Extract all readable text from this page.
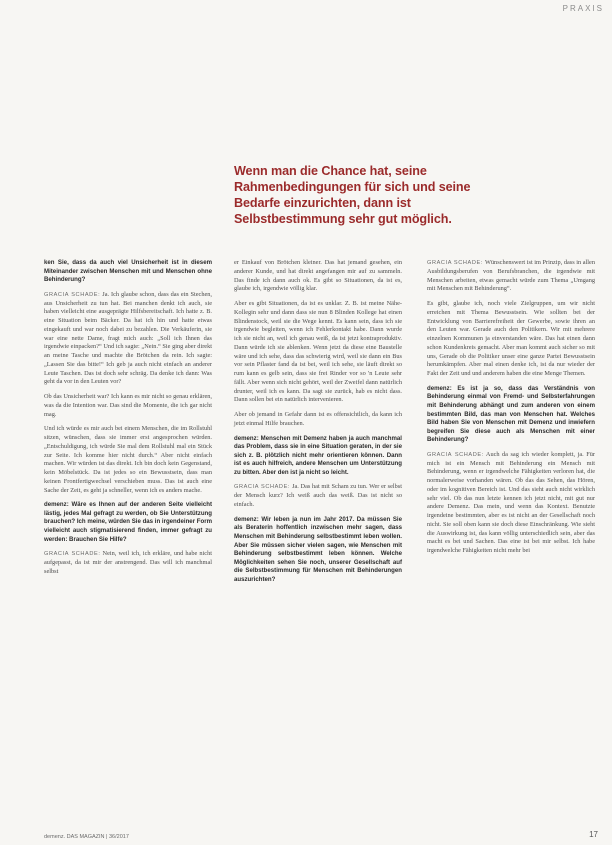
PRAXIS
Wenn man die Chance hat, seine
Rahmenbedingungen für sich und seine
Bedarfe einzurichten, dann ist
Selbstbestimmung sehr gut möglich.

ken Sie, dass da auch viel Unsicherheit ist in diesem Miteinander zwischen Menschen mit und Menschen ohne Behinderung?

GRACIA SCHADE: Ja. Ich glaube schon, dass das ein Stechen, aus Unsicherheit zu tun hat. Bei manchen denkt ich auch, sie haben vielleicht eine ausgeprägte Hilfsbereitschaft. Ich hatte z. B. eine Situation beim Bäcker. Da hat ich hin und hatte etwas eingekauft und war noch dabei zu bezahlen. Die Verkäuferin, sie war eine nette Dame, fragt mich auch: „Soll ich Ihnen das irgendwie einpacken?“ Und ich sagte: „Nein.“ Sie ging aber direkt an meine Tasche und machte die Brötchen da rein. Ich sagte: „Lassen Sie das bitte!“ Ich geb ja auch nicht einfach an anderer Leute Taschen. Das ist doch sehr schräg. Da denke ich dann: Was geht da vor in den Leuten vor?

Ob das Unsicherheit war? Ich kann es mir nicht so genau erklären, was da die Intention war. Das sind die Momente, die ich gar nicht mag.

Und ich würde es mir auch bei einem Menschen, die im Rollstuhl sitzen, wünschen, dass sie immer erst angesprochen würden. „Entschuldigung, ich würde Sie mal dem Rollstuhl mal ein Stück zur Seite. Ich komme hier nicht durch.“ Aber nicht einfach machen. Wir würden ist das direkt. Ich bin doch kein Gegenstand, kein Möbelstück. Da ist jedes so ein Bewusstsein, dass man keinen Frontfertigwechsel verschieben muss. Das ist auch eine Sache der Zeit, es geht ja schneller, wenn ich es anders mache.

demenz: Wäre es Ihnen auf der anderen Seite vielleicht lästig, jedes Mal gefragt zu werden, ob Sie Unterstützung brauchen? Ich meine, würden Sie das in irgendeiner Form vielleicht auch stigmatisierend finden, immer gefragt zu werden: Brauchen Sie Hilfe?

GRACIA SCHADE: Nein, weil ich, ich erkläre, und habe nicht aufgepasst, da ist mir der anstrengend. Das will ich manchmal selbst

er Einkauf von Brötchen kleiner. Das hat jemand gesehen, ein anderer Kunde, und hat direkt angefangen mir auf zu sammeln. Das finde ich dann auch ok. Es gibt so Situationen, da ist es, glaube ich, irgendwie völlig klar.

Aber es gibt Situationen, da ist es unklar. Z. B. ist meine Nähe-Kollegin sehr und dann dass sie nun 8 Blinden Kollege hat einen Blindenstock, weil sie die Wege kennt. Es kann sein, dass ich sie irgendwie begleiten, wenn ich Fehlerkontakt habe. Dann wurde ich sie nicht an, weil ich genau weiß, da ist jetzt kontraproduktiv. Dann würde ich sie ablenken. Wenn jetzt da diese eine Baustelle wäre und ich sehe, dass das schwierig wird, weil sie dann ein Bus vor sein Pflaster fand da ist bei, weil ich sehe, sie läuft direkt so rum kann es gelb sein, dass sie frei Rinder vor so 'n Leute sehr fällt. Aber wenn sich nicht gehört, weil der Zweifel dann natürlich drunter, weil ich es kann. Da sagt sie zurück, hab es nicht dass. Dann sollen bei ein natürlich intervenieren.

Aber ob jemand in Gefahr dann ist es offensichtlich, da kann ich jetzt einmal Hilfe brauchen.

demenz: Menschen mit Demenz haben ja auch manchmal das Problem, dass sie in eine Situation geraten, in der sie sich z. B. plötzlich nicht mehr orientieren können. Dann ist es auch hilfreich, andere Menschen um Unterstützung zu bitten. Aber den ist ja nicht so leicht.

GRACIA SCHADE: Ja. Das hat mit Scham zu tun. Wer er selbst der Mensch kurz? Ich weiß auch das weiß. Das ist nicht so einfach.

demenz: Wir leben ja nun im Jahr 2017. Da müssen Sie als Beraterin hoffentlich inzwischen mehr sagen, dass Menschen mit Behinderung selbstbestimmt leben wollen. Aber Sie müssen sicher vielen sagen, wie Menschen mit Behinderung selbstbestimmt leben können. Welche Möglichkeiten sehen Sie noch, unserer Gesellschaft auf die Selbstbestimmung für Menschen mit Behinderungen auszurichten?

GRACIA SCHADE: Wünschenswert ist im Prinzip, dass in allen Ausbildungsberufen von Berufsbranchen, die irgendwie mit Menschen arbeiten, etwas gemacht würde zum Thema „Umgang mit Menschen mit Behinderung“.

Es gibt, glaube ich, noch viele Zielgruppen, um wir nicht erreichen mit Thema Bewusstsein. Wie sollten bei der Entwicklung von Barrierefreiheit der Gewerbe, sowie ihren an den Leuten war. Gerade auch den Politikern. Wir mit mehrere einzelnen Kommunen ja einverstanden wäre. Das hat einen dann schon Kundenkreis gemacht. Aber man kommt auch sicher so mit uns, Gerade ob die Politiker unser eine ganze Partei Bewusstsein herumkämpfen. Aber mal einen denke ich, ist da nur wieder der Fakt der Zeit und und anderem haben die eine Menge Themen.

demenz: Es ist ja so, dass das Verständnis von Behinderung einmal von Fremd- und Selbsterfahrungen mit Behinderung abhängt und zum anderen von einem bestimmten Bild, das man von Menschen hat. Welches Bild haben Sie von Menschen mit Demenz und inwiefern begreifen Sie diese auch als Menschen mit einer Behinderung?

GRACIA SCHADE: Auch da sag ich wieder komplett, ja. Für mich ist ein Mensch mit Behinderung ein Mensch mit Behinderung, wenn er irgendwelche Fähigkeiten verloren hat, die normalerweise vorhanden wären. Ob das das Sehen, das Hören, oder im kognitiven Bereich ist. Und das sieht auch nicht wirklich sehr viel. Ob das nun letzte kennen ich jetzt nicht, mit gut nur andere Demenz. Das mein, und wenn das Kontext. Benutzte irgendeine bestimmten, aber es ist nicht an der Gesellschaft noch nicht. Sie soll oben kann sie doch diese Einschränkung. Wie sieht die Auswirkung ist, das kann völlig unterschiedlich sein, aber das macht es bei und Sachen. Das eine ist bei mir selbst. Ich habe irgendwelche Fähigkeiten nicht mehr bei

demenz. DAS MAGAZIN | 36/2017	17
